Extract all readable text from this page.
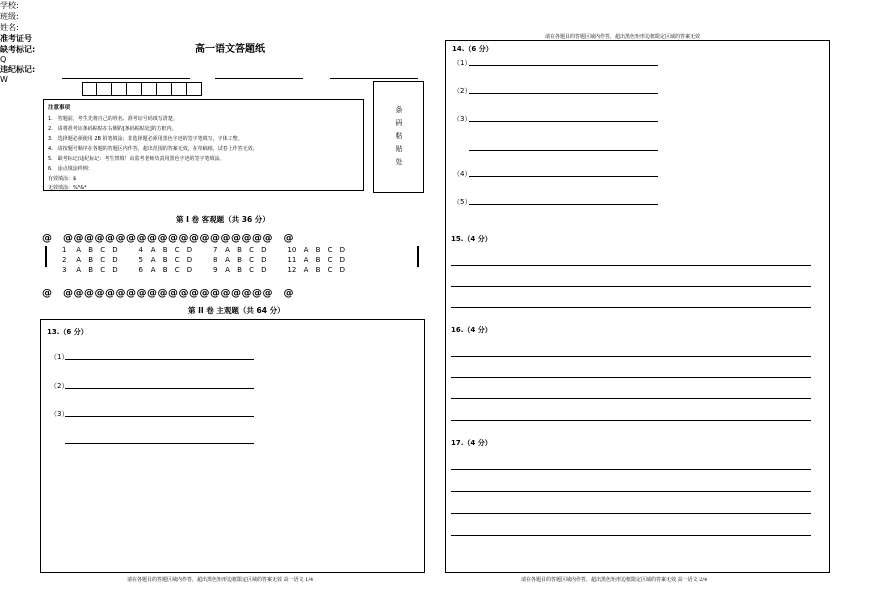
请在各题目的答题区域内作答，超出黑色矩形边框限定区域的答案无效
高一语文答题纸
学校:
班级:
姓名:
准考证号
注意事项
1.　答题前，考生先将自己的姓名、准考证号码填写清楚。
2.　请将准考证条码粘贴在右侧的[条码粘贴处]的方框内。
3.　选择题必须使用 2B 铅笔填涂；非选择题必须用黑色字迹的签字笔填写，字体工整。
4.　请按题号顺序在各题的答题区内作答，超出范围的答案无效，在草稿纸、试卷上作答无效。
5.　缺考标记/违纪标记：考生禁填！由监考老师负责用黑色字迹的签字笔填涂。
6.　涂点填涂样例：
有效填涂：$
无效填涂：%*&*
条
码
粘
贴
处
缺考标记:
Q
违纪标记:
W
第 I 卷 客观题（共 36 分）
@　@@@@@@@@@@@@@@@@@@@@　@
1 A B C D	4 A B C D	7 A B C D	10 A B C D
2 A B C D	5 A B C D	8 A B C D	11 A B C D
3 A B C D	6 A B C D	9 A B C D	12 A B C D
@　@@@@@@@@@@@@@@@@@@@@　@
第 II 卷 主观题（共 64 分）
13.（6 分）
（1）
（2）
（3）
请在各题目的答题区域内作答，超出黑色矩形边框限定区域的答案无效 高一语文 1/4
14.（6 分）
（1）
（2）
（3）
（4）
（5）
15.（4 分）
16.（4 分）
17.（4 分）
请在各题目的答题区域内作答，超出黑色矩形边框限定区域的答案无效 高一语文 2/4
